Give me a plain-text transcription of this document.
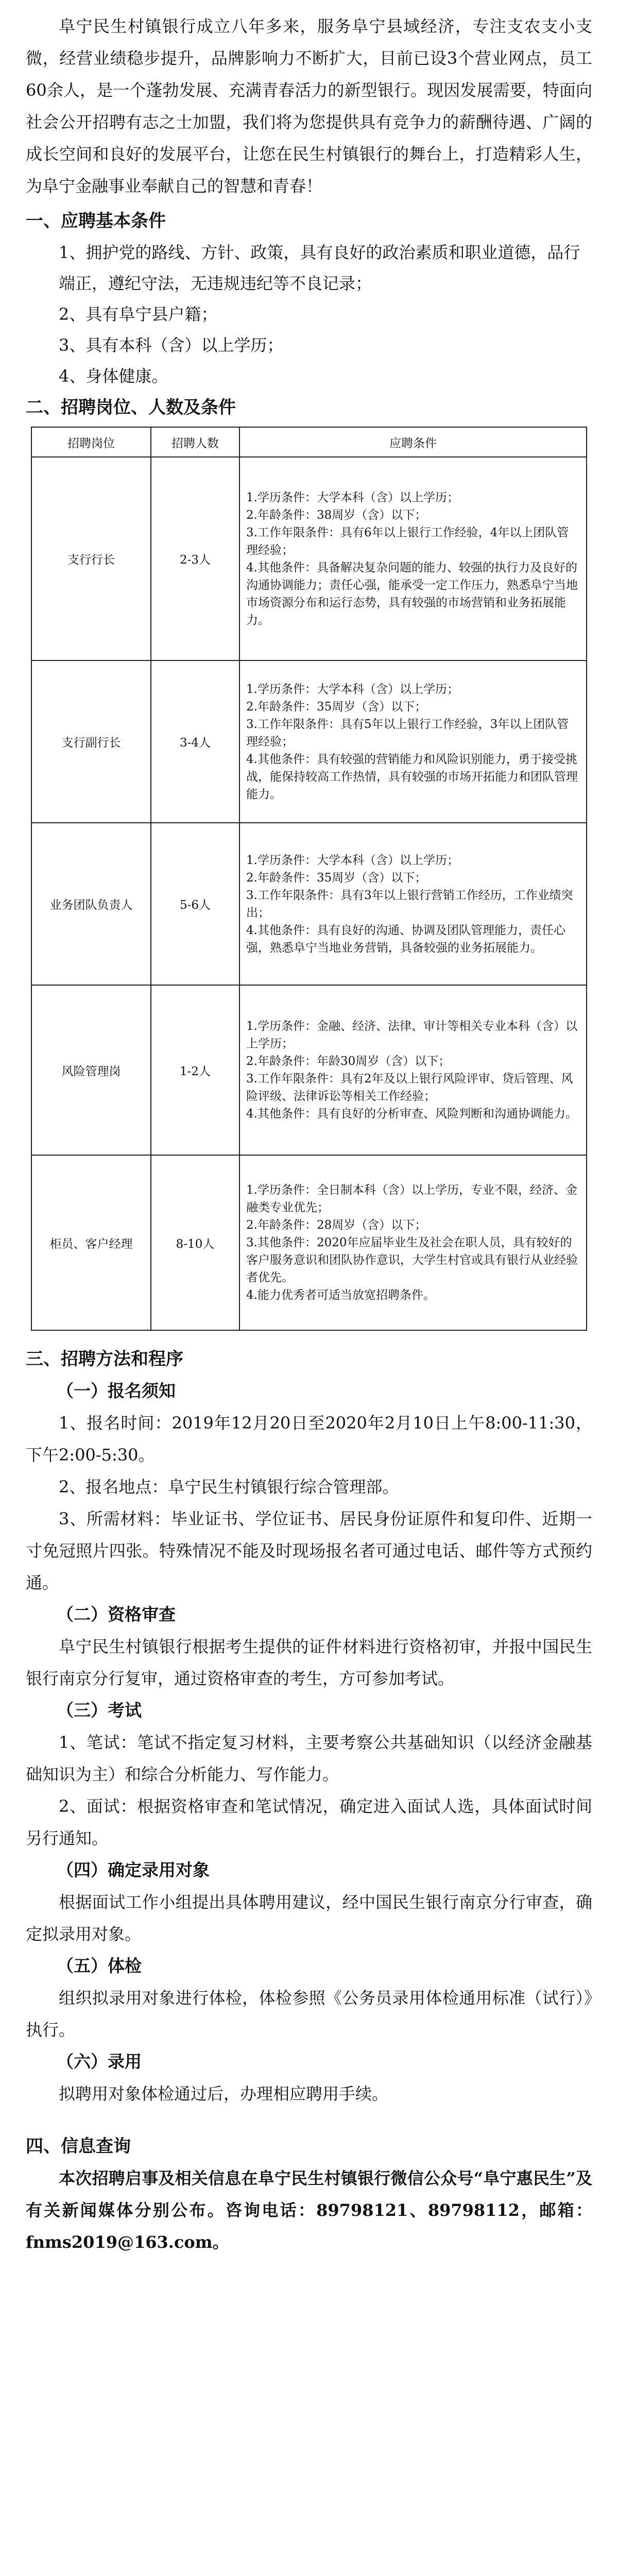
阜宁民生村镇银行成立八年多来，服务阜宁县域经济，专注支农支小支微，经营业绩稳步提升，品牌影响力不断扩大，目前已设3个营业网点，员工60余人，是一个蓬勃发展、充满青春活力的新型银行。现因发展需要，特面向社会公开招聘有志之士加盟，我们将为您提供具有竞争力的薪酬待遇、广阔的成长空间和良好的发展平台，让您在民生村镇银行的舞台上，打造精彩人生，为阜宁金融事业奉献自己的智慧和青春！

一、应聘基本条件

1、拥护党的路线、方针、政策，具有良好的政治素质和职业道德，品行端正，遵纪守法，无违规违纪等不良记录；

2、具有阜宁县户籍；

3、具有本科（含）以上学历；

4、身体健康。

二、招聘岗位、人数及条件

招聘岗位	招聘人数	应聘条件
支行行长	2-3人	1.学历条件：大学本科（含）以上学历；
2.年龄条件：38周岁（含）以下；
3.工作年限条件：具有6年以上银行工作经验，4年以上团队管理经验；
4.其他条件：具备解决复杂问题的能力、较强的执行力及良好的沟通协调能力；责任心强，能承受一定工作压力，熟悉阜宁当地市场资源分布和运行态势，具有较强的市场营销和业务拓展能力。

支行副行长	3-4人	1.学历条件：大学本科（含）以上学历；
2.年龄条件：35周岁（含）以下；
3.工作年限条件：具有5年以上银行工作经验，3年以上团队管理经验；
4.其他条件：具有较强的营销能力和风险识别能力，勇于接受挑战，能保持较高工作热情，具有较强的市场开拓能力和团队管理能力。

业务团队负责人	5-6人	1.学历条件：大学本科（含）以上学历；
2.年龄条件：35周岁（含）以下；
3.工作年限条件：具有3年以上银行营销工作经历，工作业绩突出；
4.其他条件：具有良好的沟通、协调及团队管理能力，责任心强，熟悉阜宁当地业务营销，具备较强的业务拓展能力。

风险管理岗	1-2人	1.学历条件：金融、经济、法律、审计等相关专业本科（含）以上学历；
2.年龄条件：年龄30周岁（含）以下；
3.工作年限条件：具有2年及以上银行风险评审、贷后管理、风险评级、法律诉讼等相关工作经验；
4.其他条件：具有良好的分析审查、风险判断和沟通协调能力。

柜员、客户经理	8-10人	1.学历条件：全日制本科（含）以上学历，专业不限，经济、金融类专业优先；
2.年龄条件：28周岁（含）以下；
3.其他条件：2020年应届毕业生及社会在职人员，具有较好的客户服务意识和团队协作意识，大学生村官或具有银行从业经验者优先。
4.能力优秀者可适当放宽招聘条件。

三、招聘方法和程序

（一）报名须知

1、报名时间：2019年12月20日至2020年2月10日上午8:00-11:30，下午2:00-5:30。

2、报名地点：阜宁民生村镇银行综合管理部。

3、所需材料：毕业证书、学位证书、居民身份证原件和复印件、近期一寸免冠照片四张。特殊情况不能及时现场报名者可通过电话、邮件等方式预约通。

（二）资格审查

阜宁民生村镇银行根据考生提供的证件材料进行资格初审，并报中国民生银行南京分行复审，通过资格审查的考生，方可参加考试。

（三）考试

1、笔试：笔试不指定复习材料，主要考察公共基础知识（以经济金融基础知识为主）和综合分析能力、写作能力。

2、面试：根据资格审查和笔试情况，确定进入面试人选，具体面试时间另行通知。

（四）确定录用对象

根据面试工作小组提出具体聘用建议，经中国民生银行南京分行审查，确定拟录用对象。

（五）体检

组织拟录用对象进行体检，体检参照《公务员录用体检通用标准（试行）》执行。

（六）录用

拟聘用对象体检通过后，办理相应聘用手续。

四、信息查询

本次招聘启事及相关信息在阜宁民生村镇银行微信公众号“阜宁惠民生”及有关新闻媒体分别公布。咨询电话：89798121、89798112，邮箱：fnms2019@163.com。
